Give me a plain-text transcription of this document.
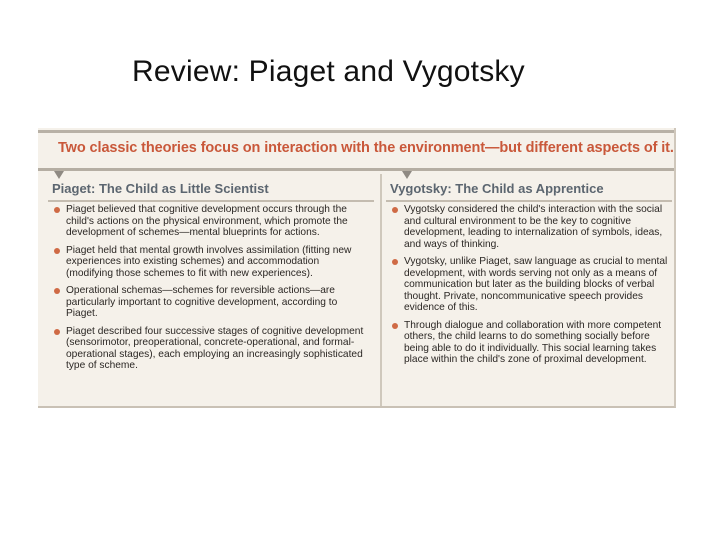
Review: Piaget and Vygotsky
Two classic theories focus on interaction with the environment—but different aspects of it.
Piaget: The Child as Little Scientist
Piaget believed that cognitive development occurs through the child's actions on the physical environment, which promote the development of schemes—mental blueprints for actions.
Piaget held that mental growth involves assimilation (fitting new experiences into existing schemes) and accommodation (modifying those schemes to fit with new experiences).
Operational schemas—schemes for reversible actions—are particularly important to cognitive development, according to Piaget.
Piaget described four successive stages of cognitive development (sensorimotor, preoperational, concrete-operational, and formal-operational stages), each employing an increasingly sophisticated type of scheme.
Vygotsky: The Child as Apprentice
Vygotsky considered the child's interaction with the social and cultural environment to be the key to cognitive development, leading to internalization of symbols, ideas, and ways of thinking.
Vygotsky, unlike Piaget, saw language as crucial to mental development, with words serving not only as a means of communication but later as the building blocks of verbal thought. Private, noncommunicative speech provides evidence of this.
Through dialogue and collaboration with more competent others, the child learns to do something socially before being able to do it individually. This social learning takes place within the child's zone of proximal development.
